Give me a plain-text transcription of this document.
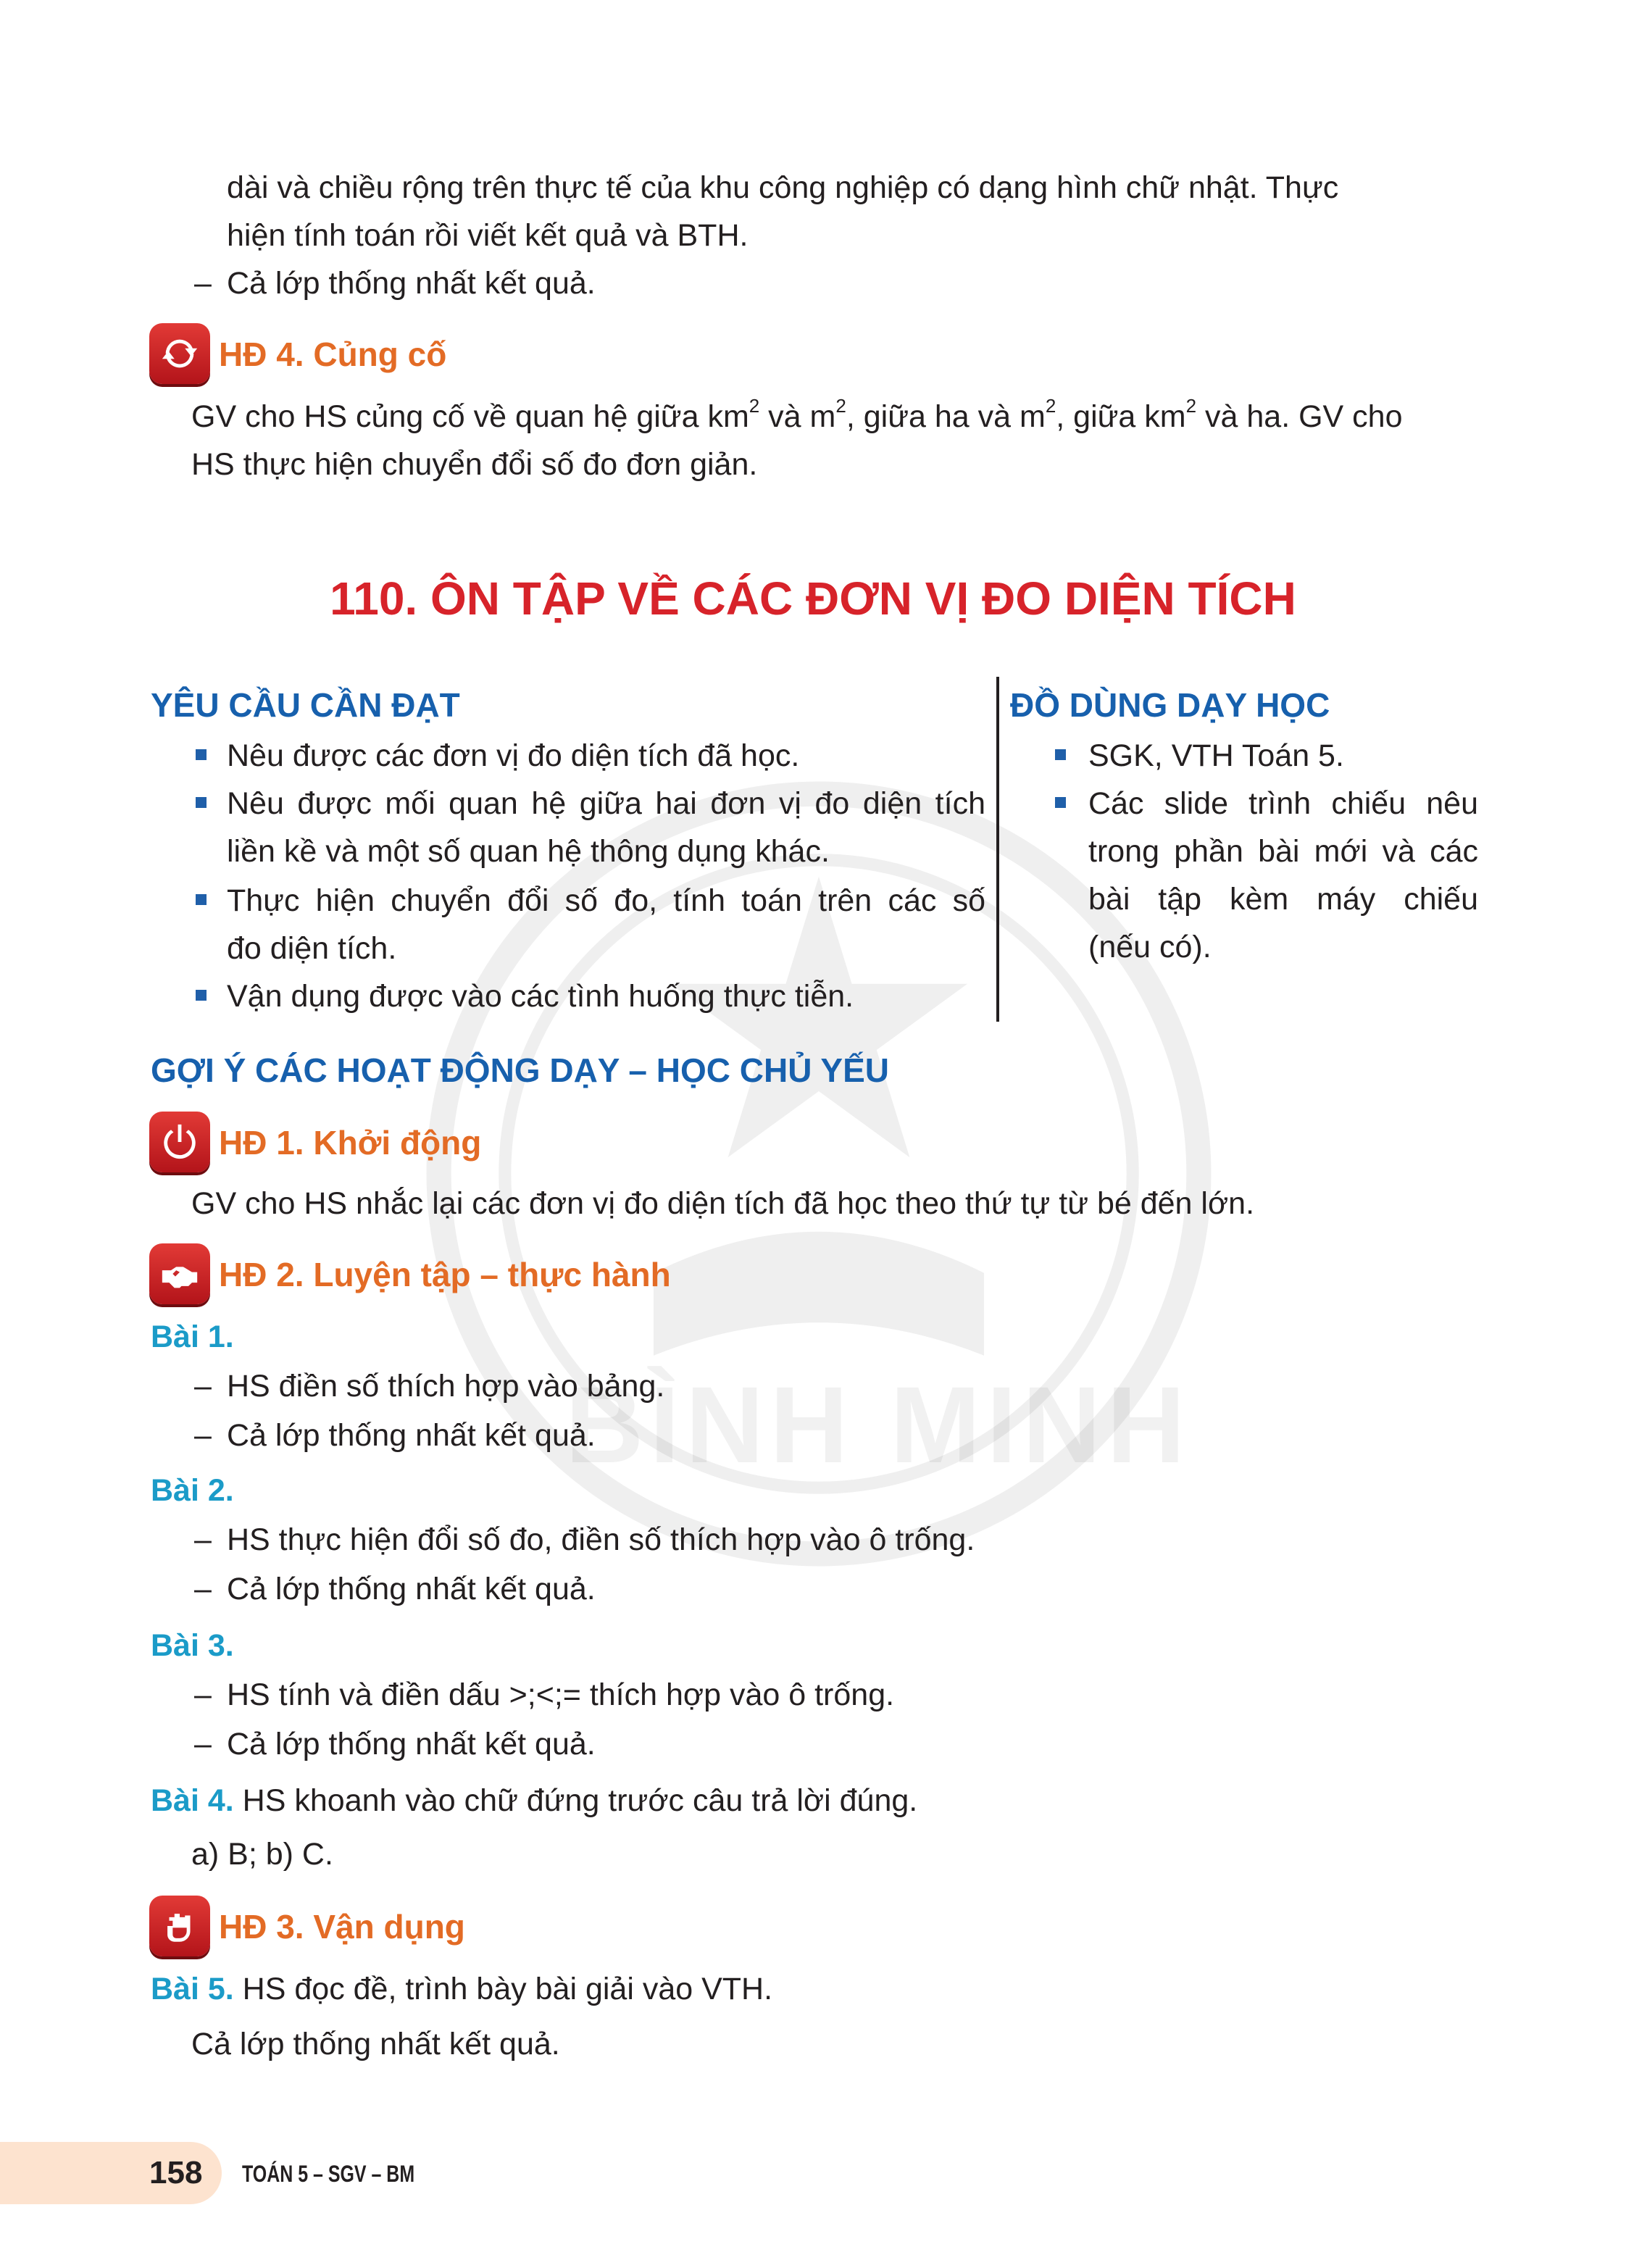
BÌNH MINH
dài và chiều rộng trên thực tế của khu công nghiệp có dạng hình chữ nhật. Thực
hiện tính toán rồi viết kết quả và BTH.
– Cả lớp thống nhất kết quả.
HĐ 4. Củng cố
GV cho HS củng cố về quan hệ giữa $km^2$ và $m^2$, giữa ha và $m^2$, giữa $km^2$ và ha. GV cho
HS thực hiện chuyển đổi số đo đơn giản.
110. ÔN TẬP VỀ CÁC ĐƠN VỊ ĐO DIỆN TÍCH
YÊU CẦU CẦN ĐẠT
Nêu được các đơn vị đo diện tích đã học.
Nêu được mối quan hệ giữa hai đơn vị đo diện tích
liền kề và một số quan hệ thông dụng khác.
Thực hiện chuyển đổi số đo, tính toán trên các số
đo diện tích.
Vận dụng được vào các tình huống thực tiễn.
ĐỒ DÙNG DẠY HỌC
SGK, VTH Toán 5.
Các slide trình chiếu nêu
trong phần bài mới và các
bài tập kèm máy chiếu
(nếu có).
GỢI Ý CÁC HOẠT ĐỘNG DẠY – HỌC CHỦ YẾU
HĐ 1. Khởi động
GV cho HS nhắc lại các đơn vị đo diện tích đã học theo thứ tự từ bé đến lớn.
HĐ 2. Luyện tập – thực hành
Bài 1.
– HS điền số thích hợp vào bảng.
– Cả lớp thống nhất kết quả.
Bài 2.
– HS thực hiện đổi số đo, điền số thích hợp vào ô trống.
– Cả lớp thống nhất kết quả.
Bài 3.
– HS tính và điền dấu >;<;= thích hợp vào ô trống.
– Cả lớp thống nhất kết quả.
Bài 4. HS khoanh vào chữ đứng trước câu trả lời đúng.
a) B; b) C.
HĐ 3. Vận dụng
Bài 5. HS đọc đề, trình bày bài giải vào VTH.
Cả lớp thống nhất kết quả.
158 TOÁN 5 – SGV – BM
